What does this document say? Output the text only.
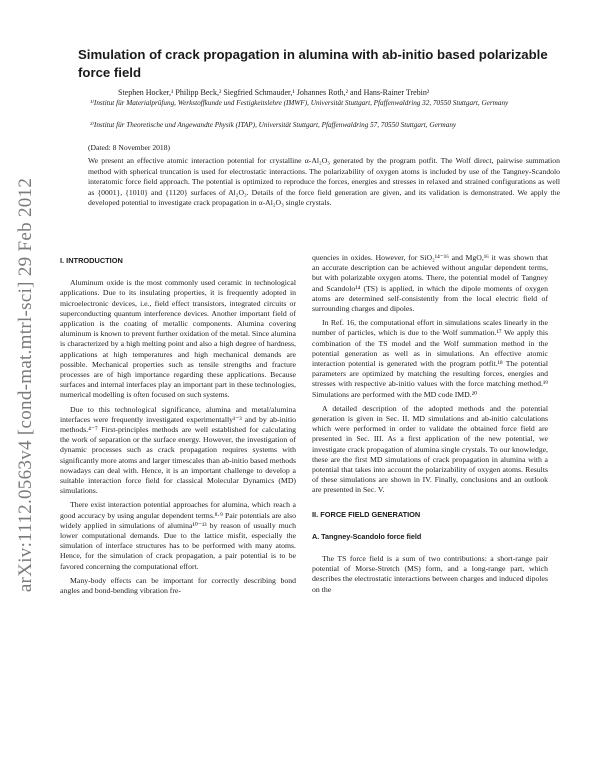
arXiv:1112.0563v4 [cond-mat.mtrl-sci] 29 Feb 2012
Simulation of crack propagation in alumina with ab-initio based polarizable force field
Stephen Hocker,¹ Philipp Beck,² Siegfried Schmauder,¹ Johannes Roth,² and Hans-Rainer Trebin²
¹⁾Institut für Materialprüfung, Werkstoffkunde und Festigkeitslehre (IMWF), Universität Stuttgart, Pfaffenwaldring 32, 70550 Stuttgart, Germany
²⁾Institut für Theoretische und Angewandte Physik (ITAP), Universität Stuttgart, Pfaffenwaldring 57, 70550 Stuttgart, Germany
(Dated: 8 November 2018)
We present an effective atomic interaction potential for crystalline α-Al₂O₃ generated by the program potfit. The Wolf direct, pairwise summation method with spherical truncation is used for electrostatic interactions. The polarizability of oxygen atoms is included by use of the Tangney-Scandolo interatomic force field approach. The potential is optimized to reproduce the forces, energies and stresses in relaxed and strained configurations as well as {0001}, {1010} and {1120} surfaces of Al₂O₃. Details of the force field generation are given, and its validation is demonstrated. We apply the developed potential to investigate crack propagation in α-Al₂O₃ single crystals.
I. INTRODUCTION

Aluminum oxide is the most commonly used ceramic in technological applications. Due to its insulating properties, it is frequently adopted in microelectronic devices, i.e., field effect transistors, integrated circuits or superconducting quantum interference devices. Another important field of application is the coating of metallic components. Alumina covering aluminum is known to prevent further oxidation of the metal. Since alumina is characterized by a high melting point and also a high degree of hardness, applications at high temperatures and high mechanical demands are possible. Mechanical properties such as tensile strengths and fracture processes are of high importance regarding these applications. Because surfaces and internal interfaces play an important part in these technologies, numerical modelling is often focused on such systems.

Due to this technological significance, alumina and metal/alumina interfaces were frequently investigated experimentally¹⁻³ and by ab-initio methods.⁴⁻⁷ First-principles methods are well established for calculating the work of separation or the surface energy. However, the investigation of dynamic processes such as crack propagation requires systems with significantly more atoms and larger timescales than ab-initio based methods nowadays can deal with. Hence, it is an important challenge to develop a suitable interaction force field for classical Molecular Dynamics (MD) simulations.

There exist interaction potential approaches for alumina, which reach a good accuracy by using angular dependent terms.⁸·⁹ Pair potentials are also widely applied in simulations of alumina¹⁰⁻¹³ by reason of usually much lower computational demands. Due to the lattice misfit, especially the simulation of interface structures has to be performed with many atoms. Hence, for the simulation of crack propagation, a pair potential is to be favored concerning the computational effort.

Many-body effects can be important for correctly describing bond angles and bond-bending vibration fre-

quencies in oxides. However, for SiO₂¹⁴⁻¹⁶ and MgO,¹⁶ it was shown that an accurate description can be achieved without angular dependent terms, but with polarizable oxygen atoms. There, the potential model of Tangney and Scandolo¹⁴ (TS) is applied, in which the dipole moments of oxygen atoms are determined self-consistently from the local electric field of surrounding charges and dipoles.

In Ref. 16, the computational effort in simulations scales linearly in the number of particles, which is due to the Wolf summation.¹⁷ We apply this combination of the TS model and the Wolf summation method in the potential generation as well as in simulations. An effective atomic interaction potential is generated with the program potfit.¹⁸ The potential parameters are optimized by matching the resulting forces, energies and stresses with respective ab-initio values with the force matching method.¹⁹ Simulations are performed with the MD code IMD.²⁰

A detailed description of the adopted methods and the potential generation is given in Sec. II. MD simulations and ab-initio calculations which were performed in order to validate the obtained force field are presented in Sec. III. As a first application of the new potential, we investigate crack propagation of alumina single crystals. To our knowledge, these are the first MD simulations of crack propagation in alumina with a potential that takes into account the polarizability of oxygen atoms. Results of these simulations are shown in IV. Finally, conclusions and an outlook are presented in Sec. V.

II. FORCE FIELD GENERATION
A. Tangney-Scandolo force field

The TS force field is a sum of two contributions: a short-range pair potential of Morse-Stretch (MS) form, and a long-range part, which describes the electrostatic interactions between charges and induced dipoles on the
